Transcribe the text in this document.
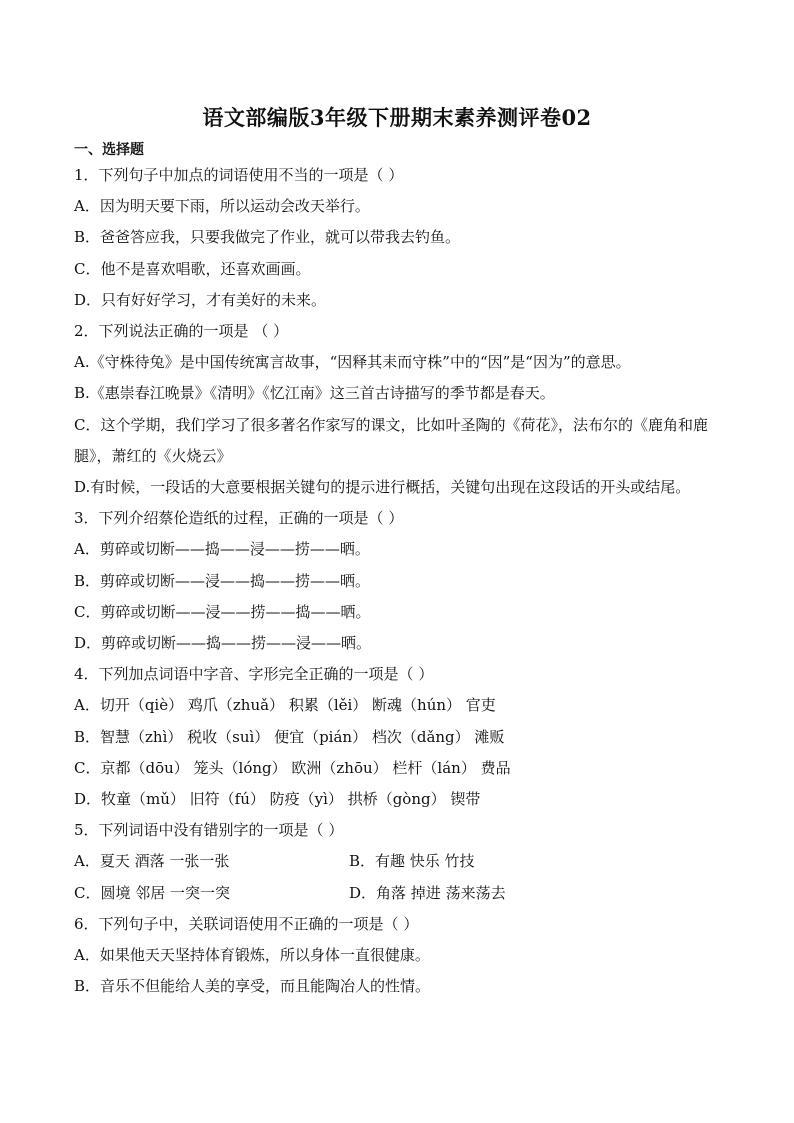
语文部编版3年级下册期末素养测评卷02
一、选择题
1．下列句子中加点的词语使用不当的一项是（ ）
A．因为明天要下雨，所以运动会改天举行。
B．爸爸答应我，只要我做完了作业，就可以带我去钓鱼。
C．他不是喜欢唱歌，还喜欢画画。
D．只有好好学习，才有美好的未来。
2．下列说法正确的一项是 （ ）
A.《守株待兔》是中国传统寓言故事，“因释其耒而守株”中的“因”是“因为”的意思。
B.《惠崇春江晚景》《清明》《忆江南》这三首古诗描写的季节都是春天。
C．这个学期，我们学习了很多著名作家写的课文，比如叶圣陶的《荷花》，法布尔的《鹿角和鹿腿》，萧红的《火烧云》
D.有时候，一段话的大意要根据关键句的提示进行概括，关键句出现在这段话的开头或结尾。
3．下列介绍蔡伦造纸的过程，正确的一项是（ ）
A．剪碎或切断——捣——浸——捞——晒。
B．剪碎或切断——浸——捣——捞——晒。
C．剪碎或切断——浸——捞——捣——晒。
D．剪碎或切断——捣——捞——浸——晒。
4．下列加点词语中字音、字形完全正确的一项是（ ）
A．切开（qiè） 鸡爪（zhuǎ） 积累（lěi） 断魂（hún） 官吏
B．智慧（zhì） 税收（suì） 便宜（pián） 档次（dǎng） 滩贩
C．京都（dōu） 笼头（lóng） 欧洲（zhōu） 栏杆（lán） 费品
D．牧童（mǔ） 旧符（fú） 防疫（yì） 拱桥（gòng） 锲带
5．下列词语中没有错别字的一项是（ ）
A．夏天 酒落 一张一张	B．有趣 快乐 竹技
C．圆境 邻居 一突一突	D．角落 掉进 荡来荡去
6．下列句子中，关联词语使用不正确的一项是（ ）
A．如果他天天坚持体育锻炼，所以身体一直很健康。
B．音乐不但能给人美的享受，而且能陶冶人的性情。
